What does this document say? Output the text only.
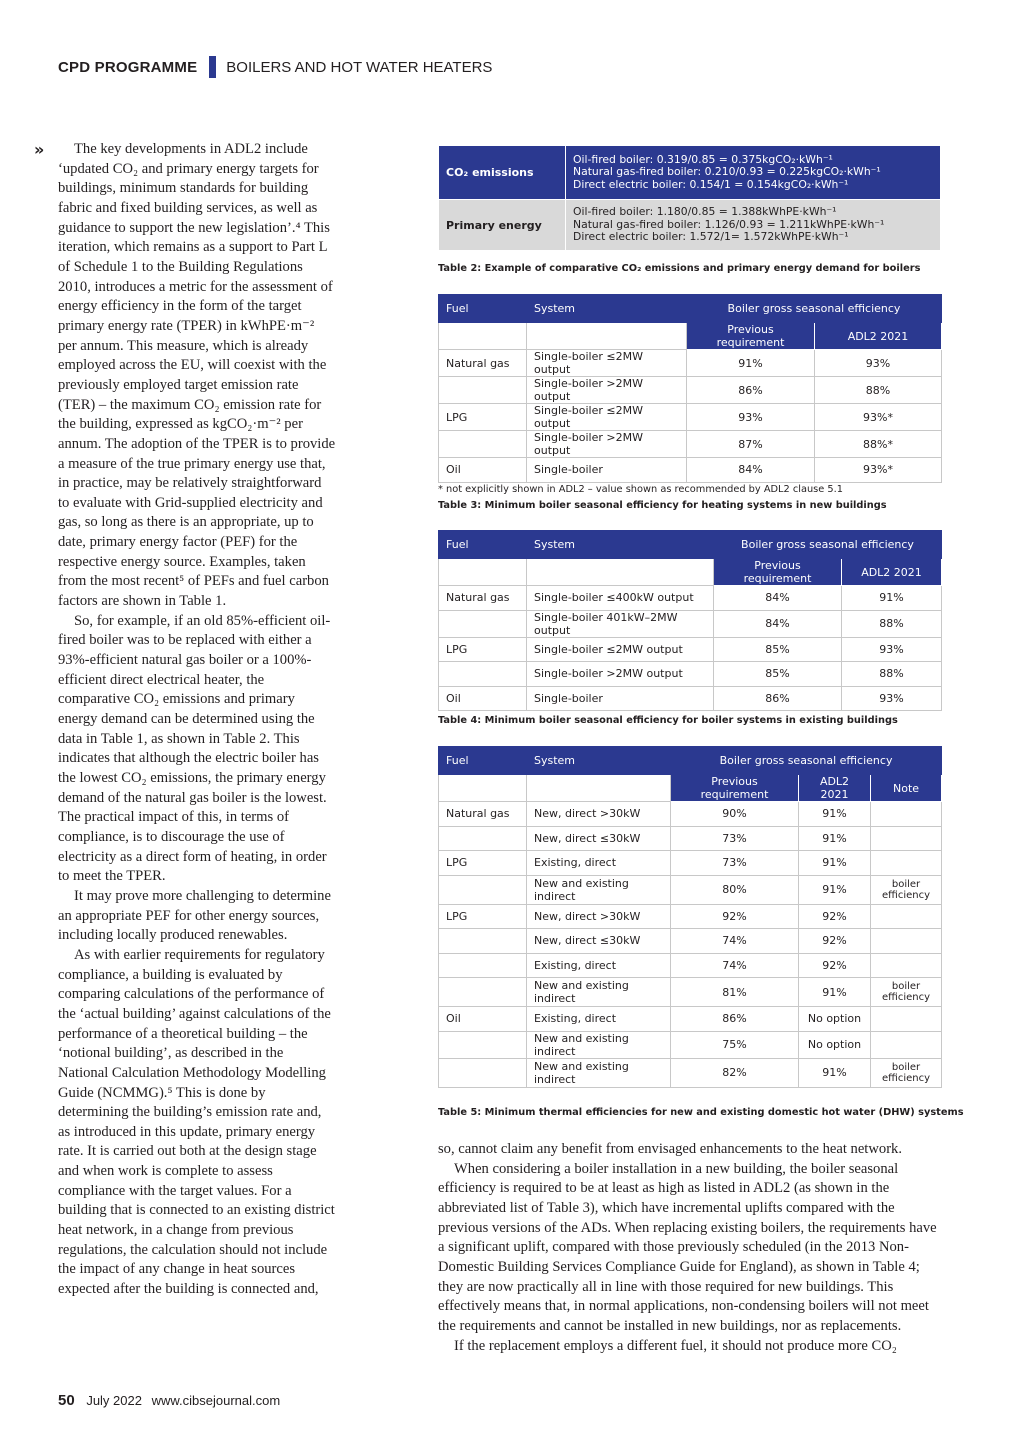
CPD PROGRAMME BOILERS AND HOT WATER HEATERS
»	The key developments in ADL2 include ‘updated CO₂ and primary energy targets for buildings, minimum standards for building fabric and fixed building services, as well as guidance to support the new legislation’.⁴ This iteration, which remains as a support to Part L of Schedule 1 to the Building Regulations 2010, introduces a metric for the assessment of energy efficiency in the form of the target primary energy rate (TPER) in kWhPE·m⁻² per annum. This measure, which is already employed across the EU, will coexist with the previously employed target emission rate (TER) – the maximum CO₂ emission rate for the building, expressed as kgCO₂·m⁻² per annum. The adoption of the TPER is to provide a measure of the true primary energy use that, in practice, may be relatively straightforward to evaluate with Grid-supplied electricity and gas, so long as there is an appropriate, up to date, primary energy factor (PEF) for the respective energy source. Examples, taken from the most recent⁵ of PEFs and fuel carbon factors are shown in Table 1.

So, for example, if an old 85%-efficient oil-fired boiler was to be replaced with either a 93%-efficient natural gas boiler or a 100%-efficient direct electrical heater, the comparative CO₂ emissions and primary energy demand can be determined using the data in Table 1, as shown in Table 2. This indicates that although the electric boiler has the lowest CO₂ emissions, the primary energy demand of the natural gas boiler is the lowest. The practical impact of this, in terms of compliance, is to discourage the use of electricity as a direct form of heating, in order to meet the TPER.

It may prove more challenging to determine an appropriate PEF for other energy sources, including locally produced renewables.

As with earlier requirements for regulatory compliance, a building is evaluated by comparing calculations of the performance of the ‘actual building’ against calculations of the performance of a theoretical building – the ‘notional building’, as described in the National Calculation Methodology Modelling Guide (NCMMG).⁵ This is done by determining the building’s emission rate and, as introduced in this update, primary energy rate. It is carried out both at the design stage and when work is complete to assess compliance with the target values. For a building that is connected to an existing district heat network, in a change from previous regulations, the calculation should not include the impact of any change in heat sources expected after the building is connected and,

CO₂ emissions	Oil-fired boiler: 0.319/0.85 = 0.375kgCO₂·kWh⁻¹
Natural gas-fired boiler: 0.210/0.93 = 0.225kgCO₂·kWh⁻¹
Direct electric boiler: 0.154/1 = 0.154kgCO₂·kWh⁻¹

Primary energy	Oil-fired boiler: 1.180/0.85 = 1.388kWhPE·kWh⁻¹
Natural gas-fired boiler: 1.126/0.93 = 1.211kWhPE·kWh⁻¹
Direct electric boiler: 1.572/1= 1.572kWhPE·kWh⁻¹
Table 2: Example of comparative CO₂ emissions and primary energy demand for boilers
Fuel	System	Boiler gross seasonal efficiency	
		Previous requirement	ADL2 2021
Natural gas	Single-boiler ≤2MW output	91%	93%
	Single-boiler >2MW output	86%	88%
LPG	Single-boiler ≤2MW output	93%	93%*
	Single-boiler >2MW output	87%	88%*
Oil	Single-boiler	84%	93%*
* not explicitly shown in ADL2 – value shown as recommended by ADL2 clause 5.1
Table 3: Minimum boiler seasonal efficiency for heating systems in new buildings
Fuel	System	Boiler gross seasonal efficiency	
		Previous requirement	ADL2 2021
Natural gas	Single-boiler ≤400kW output	84%	91%
	Single-boiler 401kW–2MW output	84%	88%
LPG	Single-boiler ≤2MW output	85%	93%
	Single-boiler >2MW output	85%	88%
Oil	Single-boiler	86%	93%
Table 4: Minimum boiler seasonal efficiency for boiler systems in existing buildings
Fuel	System	Boiler gross seasonal efficiency		
		Previous requirement	ADL2 2021	Note
Natural gas	New, direct >30kW	90%	91%	
	New, direct ≤30kW	73%	91%	
LPG	Existing, direct	73%	91%	
	New and existing indirect	80%	91%	boiler efficiency
LPG	New, direct >30kW	92%	92%	
	New, direct ≤30kW	74%	92%	
	Existing, direct	74%	92%	
	New and existing indirect	81%	91%	boiler efficiency
Oil	Existing, direct	86%	No option	
	New and existing indirect	75%	No option	
	New and existing indirect	82%	91%	boiler efficiency
Table 5: Minimum thermal efficiencies for new and existing domestic hot water (DHW) systems

so, cannot claim any benefit from envisaged enhancements to the heat network.

When considering a boiler installation in a new building, the boiler seasonal efficiency is required to be at least as high as listed in ADL2 (as shown in the abbreviated list of Table 3), which have incremental uplifts compared with the previous versions of the ADs. When replacing existing boilers, the requirements have a significant uplift, compared with those previously scheduled (in the 2013 Non-Domestic Building Services Compliance Guide for England), as shown in Table 4; they are now practically all in line with those required for new buildings. This effectively means that, in normal applications, non-condensing boilers will not meet the requirements and cannot be installed in new buildings, nor as replacements.

If the replacement employs a different fuel, it should not produce more CO₂

50 July 2022 www.cibsejournal.com
